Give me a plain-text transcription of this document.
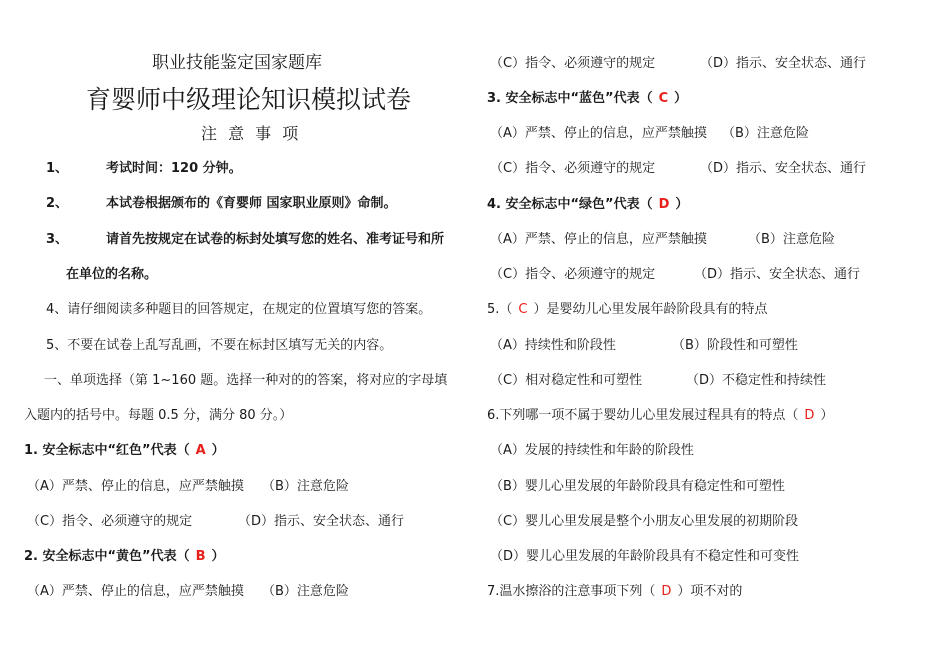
职业技能鉴定国家题库
育婴师中级理论知识模拟试卷
注 意 事 项
1、	考试时间：120 分钟。
2、	本试卷根据颁布的《育婴师 国家职业原则》命制。
3、	请首先按规定在试卷的标封处填写您的姓名、准考证号和所
在单位的名称。
4、请仔细阅读多种题目的回答规定，在规定的位置填写您的答案。
5、不要在试卷上乱写乱画，不要在标封区填写无关的内容。
一、单项选择（第 1~160 题。选择一种对的的答案，将对应的字母填
入题内的括号中。每题 0.5 分，满分 80 分。）
1. 安全标志中“红色”代表（ A ）
（A）严禁、停止的信息，应严禁触摸 （B）注意危险
（C）指令、必须遵守的规定	（D）指示、安全状态、通行
2. 安全标志中“黄色”代表（ B ）
（A）严禁、停止的信息，应严禁触摸 （B）注意危险
（C）指令、必须遵守的规定	（D）指示、安全状态、通行
3. 安全标志中“蓝色”代表（ C ）
（A）严禁、停止的信息，应严禁触摸 （B）注意危险
（C）指令、必须遵守的规定	（D）指示、安全状态、通行
4. 安全标志中“绿色”代表（ D ）
（A）严禁、停止的信息，应严禁触摸	（B）注意危险
（C）指令、必须遵守的规定	（D）指示、安全状态、通行
5.（ C ）是婴幼儿心里发展年龄阶段具有的特点
（A）持续性和阶段性	（B）阶段性和可塑性
（C）相对稳定性和可塑性	（D）不稳定性和持续性
6.下列哪一项不属于婴幼儿心里发展过程具有的特点（ D ）
（A）发展的持续性和年龄的阶段性
（B）婴儿心里发展的年龄阶段具有稳定性和可塑性
（C）婴儿心里发展是整个小朋友心里发展的初期阶段
（D）婴儿心里发展的年龄阶段具有不稳定性和可变性
7.温水擦浴的注意事项下列（ D ）项不对的
